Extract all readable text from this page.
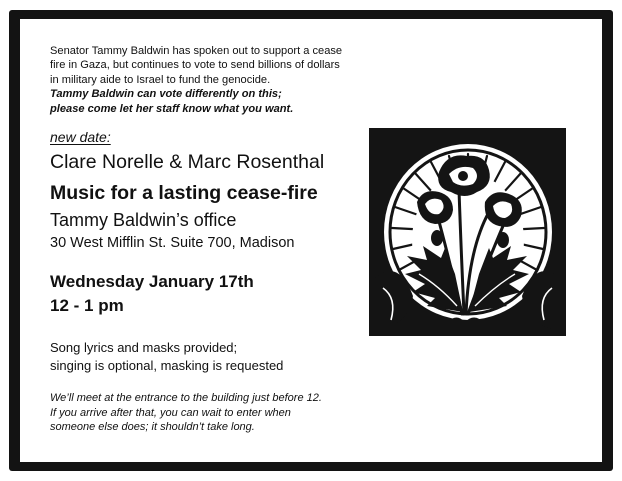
Senator Tammy Baldwin has spoken out to support a cease fire in Gaza, but continues to vote to send billions of dollars in military aide to Israel to fund the genocide.
Tammy Baldwin can vote differently on this;
please come let her staff know what you want.
new date:
Clare Norelle & Marc Rosenthal
Music for a lasting cease-fire
Tammy Baldwin’s office
30 West Mifflin St. Suite 700, Madison
Wednesday January 17th
12 - 1 pm
Song lyrics and masks provided;
singing is optional, masking is requested
We’ll meet at the entrance to the building just before 12.
If you arrive after that, you can wait to enter when
someone else does; it shouldn’t take long.
